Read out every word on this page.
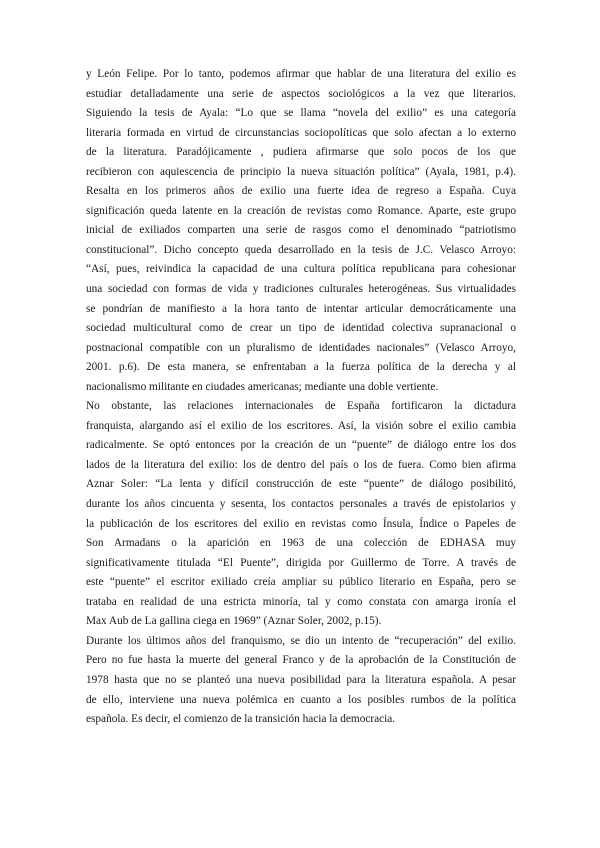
y León Felipe. Por lo tanto, podemos afirmar que hablar de una literatura del exilio es
estudiar detalladamente una serie de aspectos sociológicos a la vez que literarios.
Siguiendo la tesis de Ayala: “Lo que se llama “novela del exilio” es una categoría
literaria formada en virtud de circunstancias sociopolíticas que solo afectan a lo externo
de la literatura. Paradójicamente , pudiera afirmarse que solo pocos de los que
recibieron con aquiescencia de principio la nueva situación política” (Ayala, 1981, p.4).
Resalta en los primeros años de exilio una fuerte idea de regreso a España. Cuya
significación queda latente en la creación de revistas como Romance. Aparte, este grupo
inicial de exiliados comparten una serie de rasgos como el denominado “patriotismo
constitucional”. Dicho concepto queda desarrollado en la tesis de J.C. Velasco Arroyo:
“Así, pues, reivindica la capacidad de una cultura política republicana para cohesionar
una sociedad con formas de vida y tradiciones culturales heterogéneas. Sus virtualidades
se pondrían de manifiesto a la hora tanto de intentar articular democráticamente una
sociedad multicultural como de crear un tipo de identidad colectiva supranacional o
postnacional compatible con un pluralismo de identidades nacionales” (Velasco Arroyo,
2001. p.6). De esta manera, se enfrentaban a la fuerza política de la derecha y al
nacionalismo militante en ciudades americanas; mediante una doble vertiente.
No obstante, las relaciones internacionales de España fortificaron la dictadura
franquista, alargando así el exilio de los escritores. Así, la visión sobre el exilio cambia
radicalmente. Se optó entonces por la creación de un “puente” de diálogo entre los dos
lados de la literatura del exilio: los de dentro del país o los de fuera. Como bien afirma
Aznar Soler: “La lenta y difícil construcción de este “puente” de diálogo posibilitó,
durante los años cincuenta y sesenta, los contactos personales a través de epistolarios y
la publicación de los escritores del exilio en revistas como Ínsula, Índice o Papeles de
Son Armadans o la aparición en 1963 de una colección de EDHASA muy
significativamente titulada “El Puente”, dirigida por Guillermo de Torre. A través de
este “puente” el escritor exiliado creía ampliar su público literario en España, pero se
trataba en realidad de una estricta minoría, tal y como constata con amarga ironía el
Max Aub de La gallina ciega en 1969” (Aznar Soler, 2002, p.15).
Durante los últimos años del franquismo, se dio un intento de “recuperación” del exilio.
Pero no fue hasta la muerte del general Franco y de la aprobación de la Constitución de
1978 hasta que no se planteó una nueva posibilidad para la literatura española. A pesar
de ello, interviene una nueva polémica en cuanto a los posibles rumbos de la política
española. Es decir, el comienzo de la transición hacia la democracia.
